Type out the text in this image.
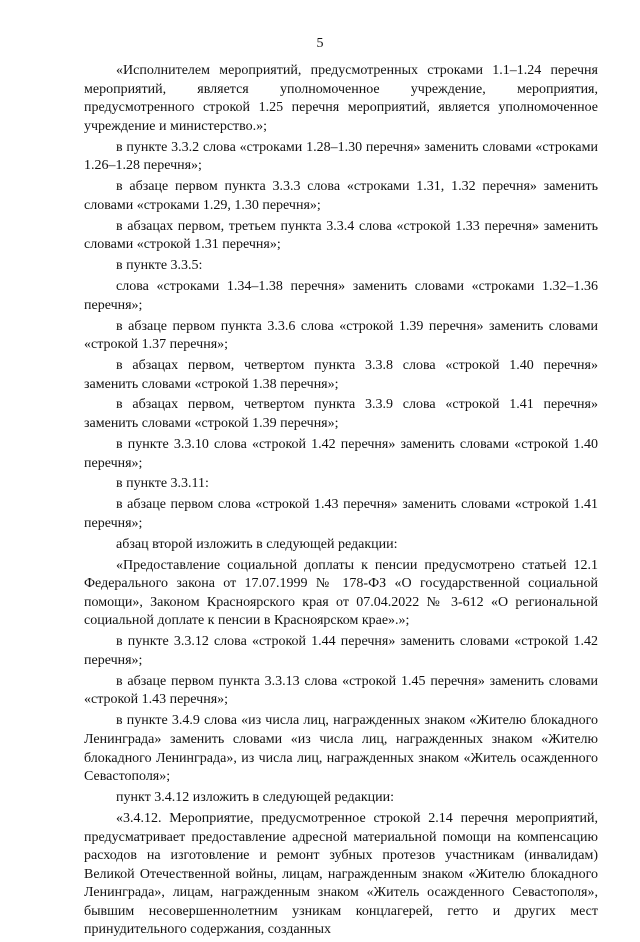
5

«Исполнителем мероприятий, предусмотренных строками 1.1–1.24 перечня мероприятий, является уполномоченное учреждение, мероприятия, предусмотренного строкой 1.25 перечня мероприятий, является уполномоченное учреждение и министерство.»;

в пункте 3.3.2 слова «строками 1.28–1.30 перечня» заменить словами «строками 1.26–1.28 перечня»;

в абзаце первом пункта 3.3.3 слова «строками 1.31, 1.32 перечня» заменить словами «строками 1.29, 1.30 перечня»;

в абзацах первом, третьем пункта 3.3.4 слова «строкой 1.33 перечня» заменить словами «строкой 1.31 перечня»;

в пункте 3.3.5:

слова «строками 1.34–1.38 перечня» заменить словами «строками 1.32–1.36 перечня»;

в абзаце первом пункта 3.3.6 слова «строкой 1.39 перечня» заменить словами «строкой 1.37 перечня»;

в абзацах первом, четвертом пункта 3.3.8 слова «строкой 1.40 перечня» заменить словами «строкой 1.38 перечня»;

в абзацах первом, четвертом пункта 3.3.9 слова «строкой 1.41 перечня» заменить словами «строкой 1.39 перечня»;

в пункте 3.3.10 слова «строкой 1.42 перечня» заменить словами «строкой 1.40 перечня»;

в пункте 3.3.11:

в абзаце первом слова «строкой 1.43 перечня» заменить словами «строкой 1.41 перечня»;

абзац второй изложить в следующей редакции:

«Предоставление социальной доплаты к пенсии предусмотрено статьей 12.1 Федерального закона от 17.07.1999 № 178-ФЗ «О государственной социальной помощи», Законом Красноярского края от 07.04.2022 № 3-612 «О региональной социальной доплате к пенсии в Красноярском крае».»;

в пункте 3.3.12 слова «строкой 1.44 перечня» заменить словами «строкой 1.42 перечня»;

в абзаце первом пункта 3.3.13 слова «строкой 1.45 перечня» заменить словами «строкой 1.43 перечня»;

в пункте 3.4.9 слова «из числа лиц, награжденных знаком «Жителю блокадного Ленинграда» заменить словами «из числа лиц, награжденных знаком «Жителю блокадного Ленинграда», из числа лиц, награжденных знаком «Житель осажденного Севастополя»;

пункт 3.4.12 изложить в следующей редакции:

«3.4.12. Мероприятие, предусмотренное строкой 2.14 перечня мероприятий, предусматривает предоставление адресной материальной помощи на компенсацию расходов на изготовление и ремонт зубных протезов участникам (инвалидам) Великой Отечественной войны, лицам, награжденным знаком «Жителю блокадного Ленинграда», лицам, награжденным знаком «Житель осажденного Севастополя», бывшим несовершеннолетним узникам концлагерей, гетто и других мест принудительного содержания, созданных
